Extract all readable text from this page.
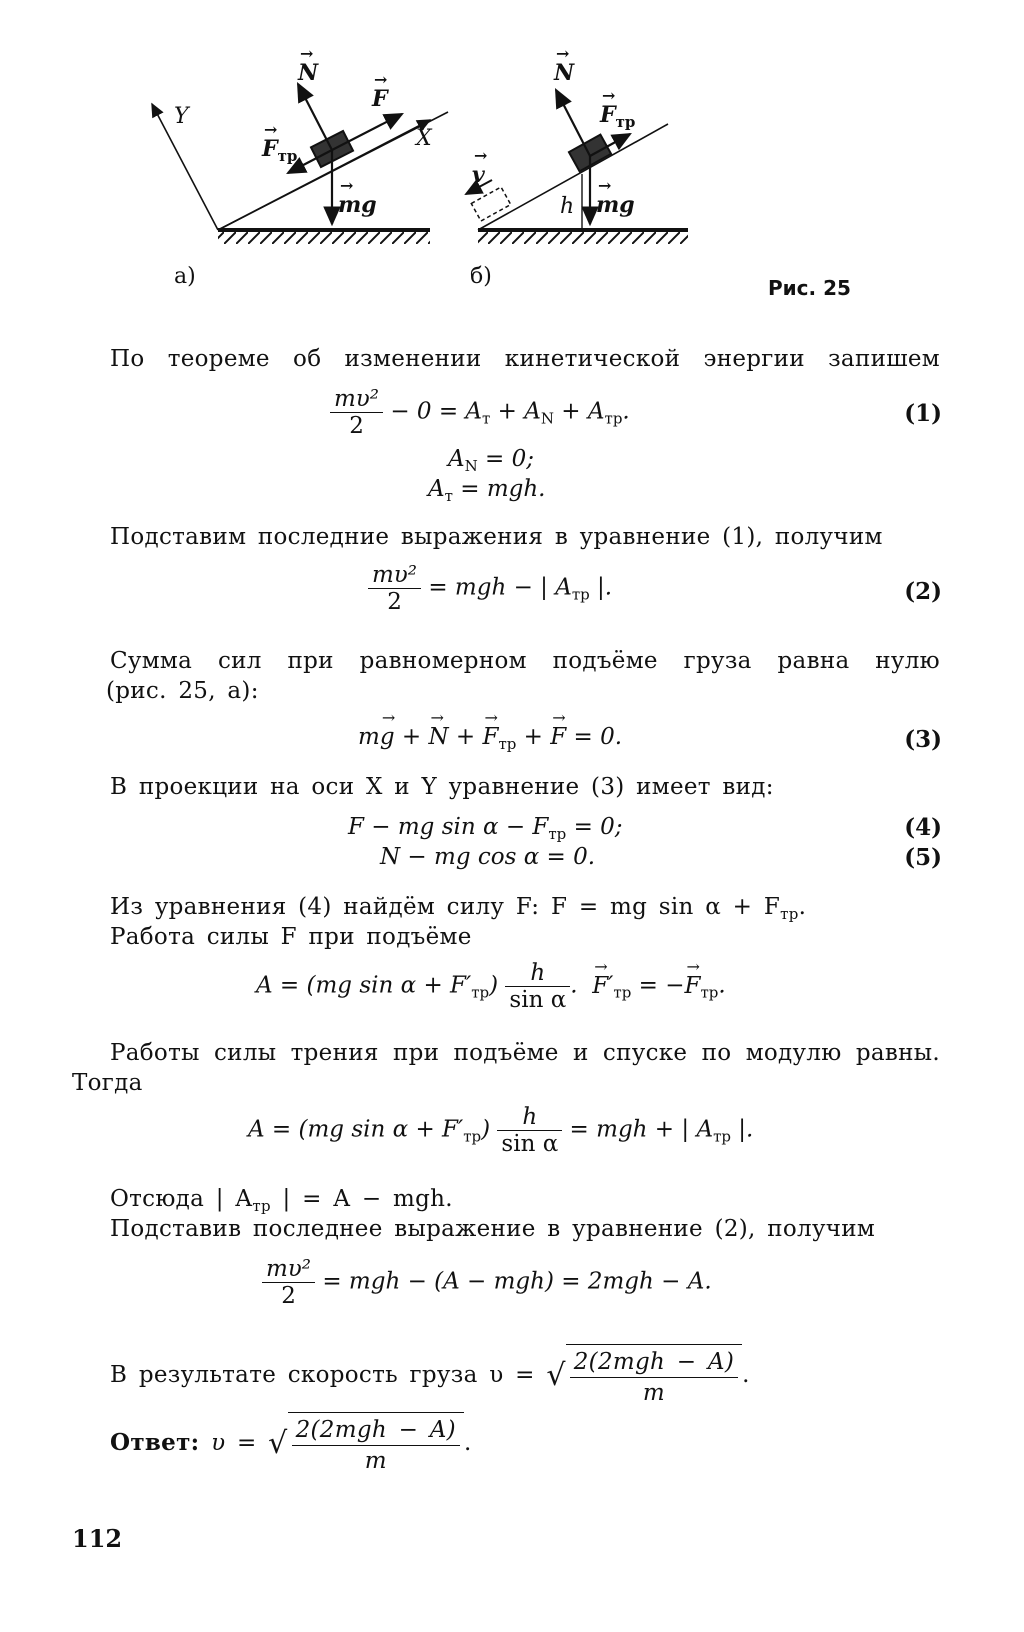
→ N
→ F
→ $F_{тр}$
→ mg
X
Y
→ N
→ $F_{тр}$
→ v
h
→ mg
а)	б)	Рис. 25
По теореме об изменении кинетической энергии запишем
$\frac{\text{mυ²}}{2} - 0 = A_т + A_N + A_{тр}$.	(1)
$A_N = 0$;
$A_т$ = mgh.
Подставим последние выражения в уравнение (1), получим
$\frac{\text{mυ²}}{2}$ = mgh − | $A_{тр}$ |.	(2)
Сумма сил при равномерном подъёме груза равна нулю
(рис. 25, а):
m→ g + → N + → $F_{тр}$ + → F = 0.	(3)
В проекции на оси X и Y уравнение (3) имеет вид:
F − mg $\sin \alpha - F_{тр} = 0$;	(4)
N − mg cos α = 0.	(5)
Из уравнения (4) найдём силу F: F = mg $\sin \alpha + F_{тр}$.
Работа силы F при подъёме
A = (mg $\sin \alpha + F'_{тр}) \frac{h}{\text{sin α}}$ .  → $F'_{тр}$ = −→ $F_{тр}$.
Работы силы трения при подъёме и спуске по модулю равны.
Тогда
A = (mg $\sin \alpha + F'_{тр}) \frac{h}{\text{sin α}}$ = mgh + | $A_{тр}$ |.
Отсюда | $A_{тр}$ | = A − mgh.
Подставив последнее выражение в уравнение (2), получим
$\frac{\text{mυ²}}{2}$ = mgh − (A − mgh) = 2mgh − A.
В результате скорость груза υ = √ $\frac{\text{2(2mgh − A)}}{m}$ .
Ответ: υ = √ $\frac{\text{2(2mgh − A)}}{m}$ .
112
